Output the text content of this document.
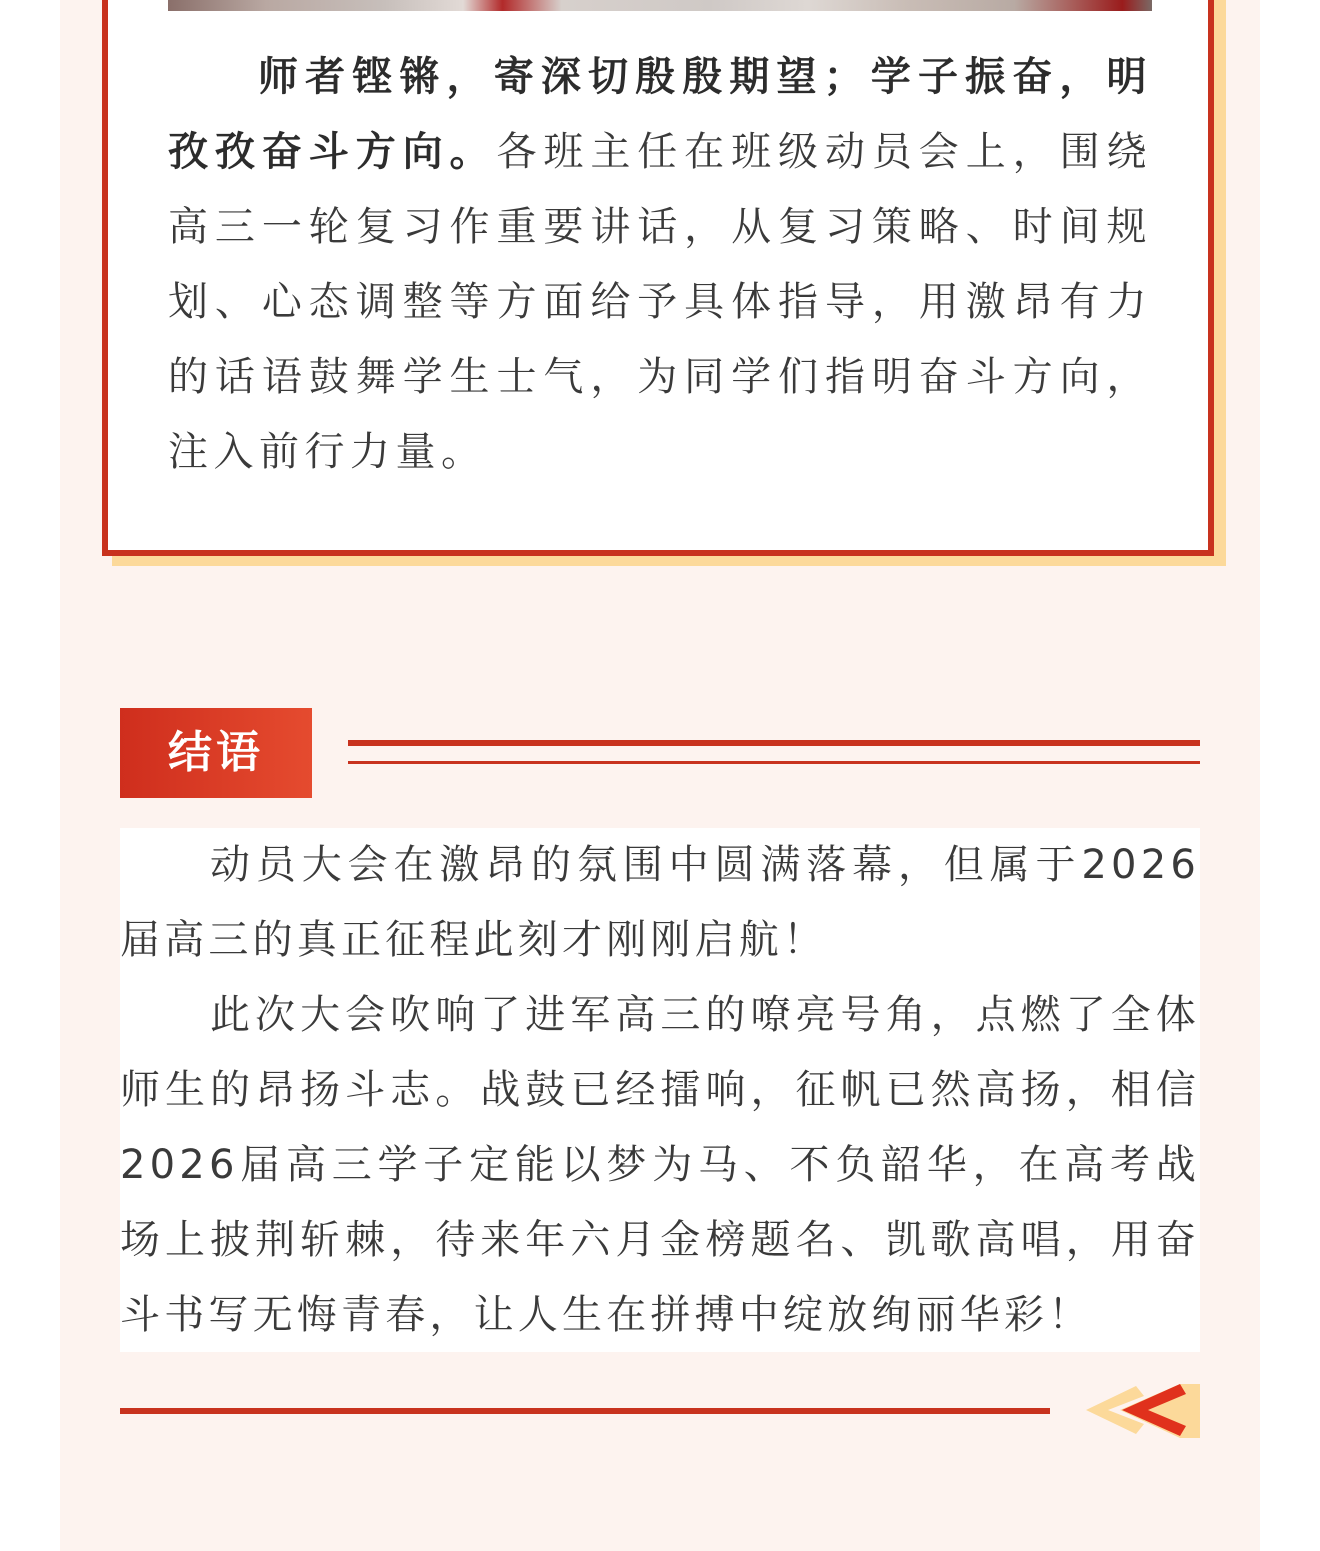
师者铿锵，寄深切殷殷期望；学子振奋，明孜孜奋斗方向。各班主任在班级动员会上，围绕高三一轮复习作重要讲话，从复习策略、时间规划、心态调整等方面给予具体指导，用激昂有力的话语鼓舞学生士气，为同学们指明奋斗方向，注入前行力量。

结语

动员大会在激昂的氛围中圆满落幕，但属于2026届高三的真正征程此刻才刚刚启航！

此次大会吹响了进军高三的嘹亮号角，点燃了全体师生的昂扬斗志。战鼓已经擂响，征帆已然高扬，相信2026届高三学子定能以梦为马、不负韶华，在高考战场上披荆斩棘，待来年六月金榜题名、凯歌高唱，用奋斗书写无悔青春，让人生在拼搏中绽放绚丽华彩！
